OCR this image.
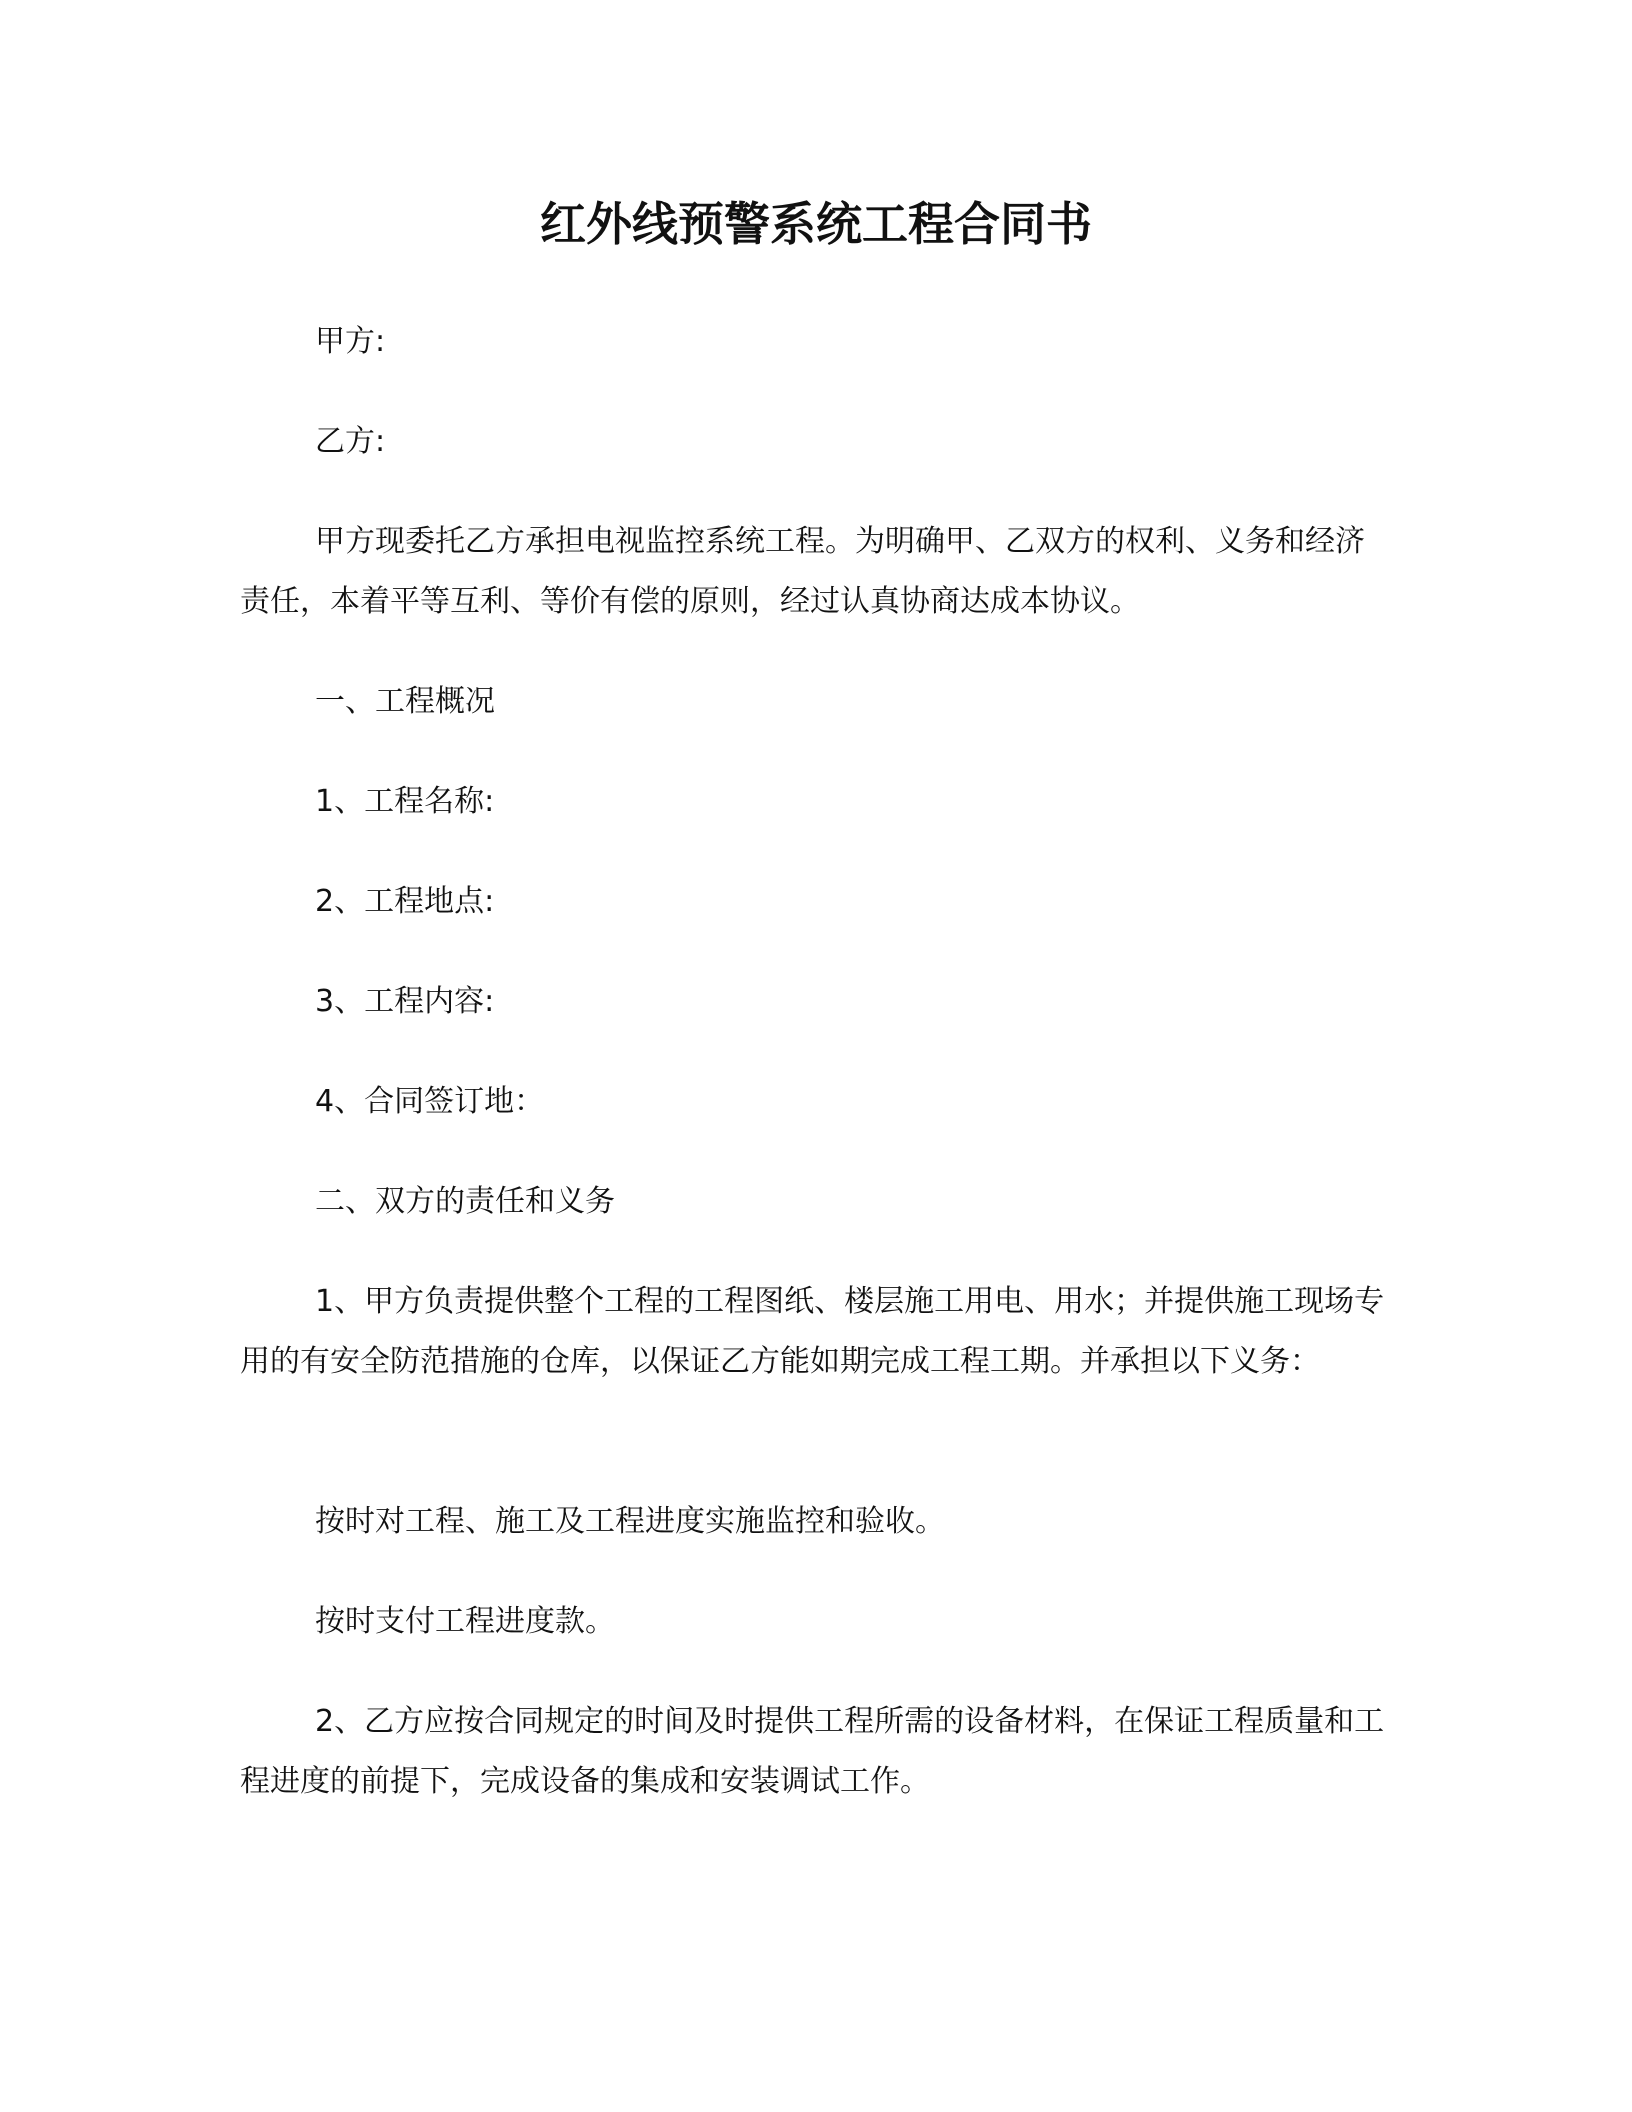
红外线预警系统工程合同书

甲方:

乙方:

甲方现委托乙方承担电视监控系统工程。为明确甲、乙双方的权利、义务和经济责任，本着平等互利、等价有偿的原则，经过认真协商达成本协议。

一、工程概况

1、工程名称:

2、工程地点:

3、工程内容:

4、合同签订地：

二、双方的责任和义务

1、甲方负责提供整个工程的工程图纸、楼层施工用电、用水；并提供施工现场专用的有安全防范措施的仓库，以保证乙方能如期完成工程工期。并承担以下义务：

按时对工程、施工及工程进度实施监控和验收。

按时支付工程进度款。

2、乙方应按合同规定的时间及时提供工程所需的设备材料，在保证工程质量和工程进度的前提下，完成设备的集成和安装调试工作。
